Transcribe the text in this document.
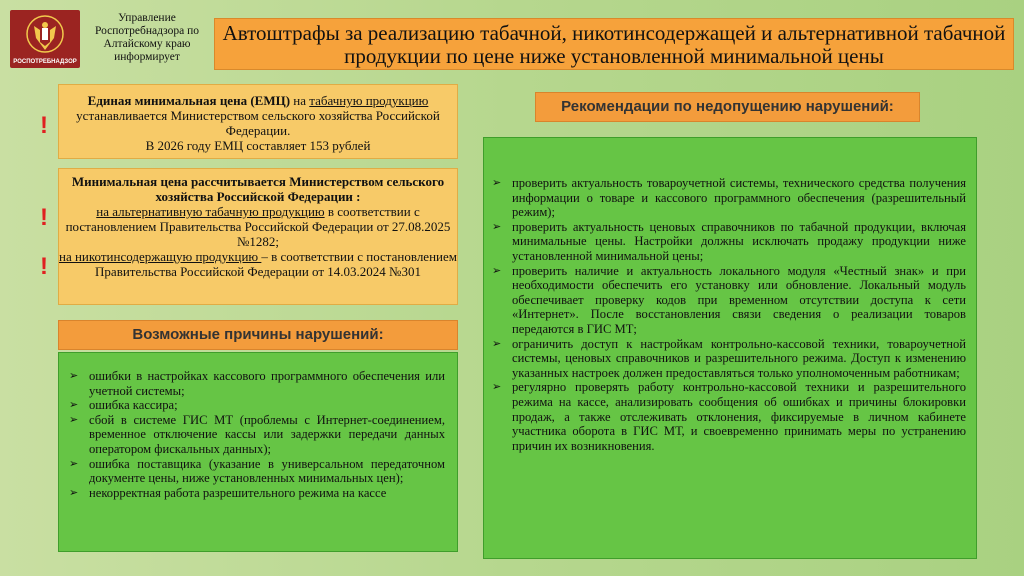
РОСПОТРЕБНАДЗОР
Управление Роспотребнадзора по Алтайскому краю информирует
Автоштрафы за реализацию табачной, никотинсодержащей и альтернативной табачной продукции по цене ниже установленной минимальной цены
!
Единая минимальная цена (ЕМЦ) на табачную продукцию устанавливается Министерством сельского хозяйства Российской Федерации.
В 2026 году ЕМЦ составляет 153 рублей
!
!
Минимальная цена рассчитывается Министерством сельского хозяйства Российской Федерации :
на альтернативную табачную продукцию в соответствии с постановлением Правительства Российской Федерации от 27.08.2025 №1282;
на никотинсодержащую продукцию – в соответствии с постановлением Правительства Российской Федерации от 14.03.2024 №301
Возможные причины нарушений:
➢ ошибки в настройках кассового программного обеспечения или учетной системы;
➢ ошибка кассира;
➢ сбой в системе ГИС МТ (проблемы с Интернет-соединением, временное отключение кассы или задержки передачи данных оператором фискальных данных);
➢ ошибка поставщика (указание в универсальном передаточном документе цены, ниже установленных минимальных цен);
➢ некорректная работа разрешительного режима на кассе
Рекомендации по недопущению нарушений:
➢ проверить актуальность товароучетной системы, технического средства получения информации о товаре и кассового программного обеспечения (разрешительный режим);
➢ проверить актуальность ценовых справочников по табачной продукции, включая минимальные цены. Настройки должны исключать продажу продукции ниже установленной минимальной цены;
➢ проверить наличие и актуальность локального модуля «Честный знак» и при необходимости обеспечить его установку или обновление. Локальный модуль обеспечивает проверку кодов при временном отсутствии доступа к сети «Интернет». После восстановления связи сведения о реализации товаров передаются в ГИС МТ;
➢ ограничить доступ к настройкам контрольно-кассовой техники, товароучетной системы, ценовых справочников и разрешительного режима. Доступ к изменению указанных настроек должен предоставляться только уполномоченным работникам;
➢ регулярно проверять работу контрольно-кассовой техники и разрешительного режима на кассе, анализировать сообщения об ошибках и причины блокировки продаж, а также отслеживать отклонения, фиксируемые в личном кабинете участника оборота в ГИС МТ, и своевременно принимать меры по устранению причин их возникновения.
